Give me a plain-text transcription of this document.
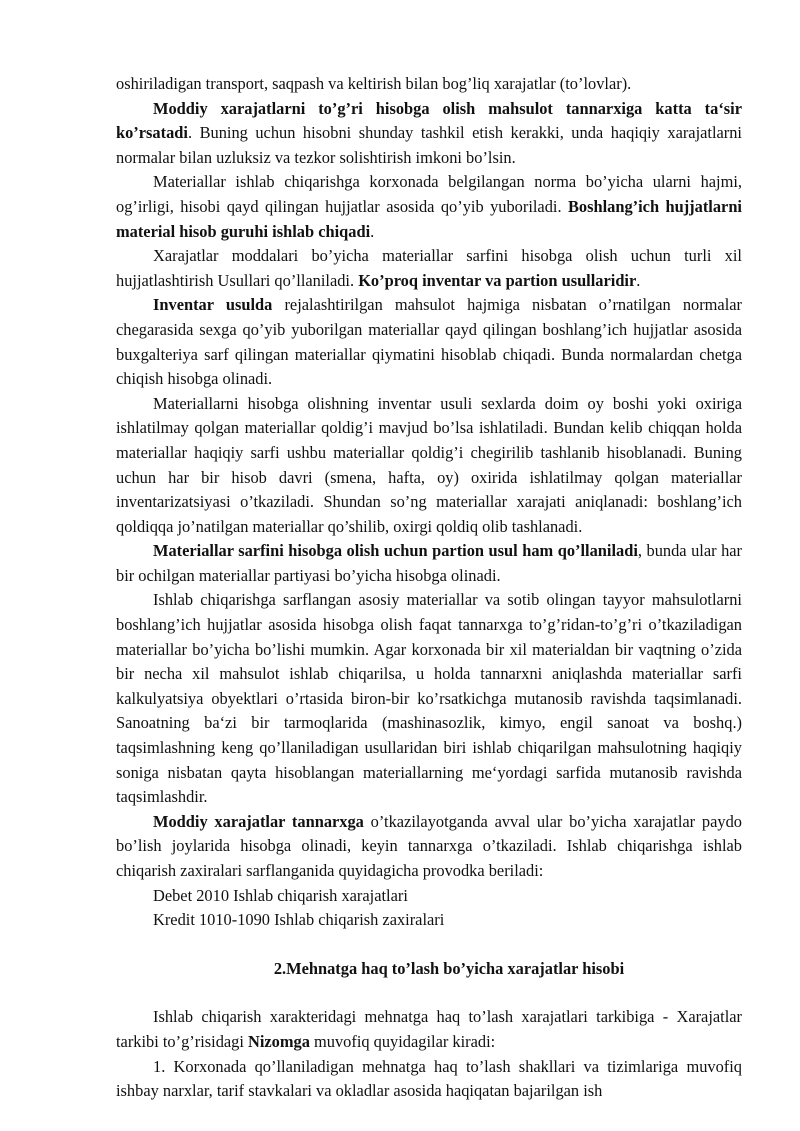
oshiriladigan transport, saqpash va keltirish bilan bog’liq xarajatlar (to’lovlar).

Moddiy xarajatlarni to’g’ri hisobga olish mahsulot tannarxiga katta ta‘sir ko’rsatadi. Buning uchun hisobni shunday tashkil etish kerakki, unda haqiqiy xarajatlarni normalar bilan uzluksiz va tezkor solishtirish imkoni bo’lsin.

Materiallar ishlab chiqarishga korxonada belgilangan norma bo’yicha ularni hajmi, og’irligi, hisobi qayd qilingan hujjatlar asosida qo’yib yuboriladi. Boshlang’ich hujjatlarni material hisob guruhi ishlab chiqadi.

Xarajatlar moddalari bo’yicha materiallar sarfini hisobga olish uchun turli xil hujjatlashtirish Usullari qo’llaniladi. Ko’proq inventar va partion usullaridir.

Inventar usulda rejalashtirilgan mahsulot hajmiga nisbatan o’rnatilgan normalar chegarasida sexga qo’yib yuborilgan materiallar qayd qilingan boshlang’ich hujjatlar asosida buxgalteriya sarf qilingan materiallar qiymatini hisoblab chiqadi. Bunda normalardan chetga chiqish hisobga olinadi.

Materiallarni hisobga olishning inventar usuli sexlarda doim oy boshi yoki oxiriga ishlatilmay qolgan materiallar qoldig’i mavjud bo’lsa ishlatiladi. Bundan kelib chiqqan holda materiallar haqiqiy sarfi ushbu materiallar qoldig’i chegirilib tashlanib hisoblanadi. Buning uchun har bir hisob davri (smena, hafta, oy) oxirida ishlatilmay qolgan materiallar inventarizatsiyasi o’tkaziladi. Shundan so’ng materiallar xarajati aniqlanadi: boshlang’ich qoldiqqa jo’natilgan materiallar qo’shilib, oxirgi qoldiq olib tashlanadi.

Materiallar sarfini hisobga olish uchun partion usul ham qo’llaniladi, bunda ular har bir ochilgan materiallar partiyasi bo’yicha hisobga olinadi.

Ishlab chiqarishga sarflangan asosiy materiallar va sotib olingan tayyor mahsulotlarni boshlang’ich hujjatlar asosida hisobga olish faqat tannarxga to’g’ridan-to’g’ri o’tkaziladigan materiallar bo’yicha bo’lishi mumkin. Agar korxonada bir xil materialdan bir vaqtning o’zida bir necha xil mahsulot ishlab chiqarilsa, u holda tannarxni aniqlashda materiallar sarfi kalkulyatsiya obyektlari o’rtasida biron-bir ko’rsatkichga mutanosib ravishda taqsimlanadi. Sanoatning ba‘zi bir tarmoqlarida (mashinasozlik, kimyo, engil sanoat va boshq.) taqsimlashning keng qo’llaniladigan usullaridan biri ishlab chiqarilgan mahsulotning haqiqiy soniga nisbatan qayta hisoblangan materiallarning me‘yordagi sarfida mutanosib ravishda taqsimlashdir.

Moddiy xarajatlar tannarxga o’tkazilayotganda avval ular bo’yicha xarajatlar paydo bo’lish joylarida hisobga olinadi, keyin tannarxga o’tkaziladi. Ishlab chiqarishga ishlab chiqarish zaxiralari sarflanganida quyidagicha provodka beriladi:

Debet 2010 Ishlab chiqarish xarajatlari

Kredit 1010-1090 Ishlab chiqarish zaxiralari

2.Mehnatga haq to’lash bo’yicha xarajatlar hisobi

Ishlab chiqarish xarakteridagi mehnatga haq to’lash xarajatlari tarkibiga - Xarajatlar tarkibi to’g’risidagi Nizomga muvofiq quyidagilar kiradi:

1. Korxonada qo’llaniladigan mehnatga haq to’lash shakllari va tizimlariga muvofiq ishbay narxlar, tarif stavkalari va okladlar asosida haqiqatan bajarilgan ish
